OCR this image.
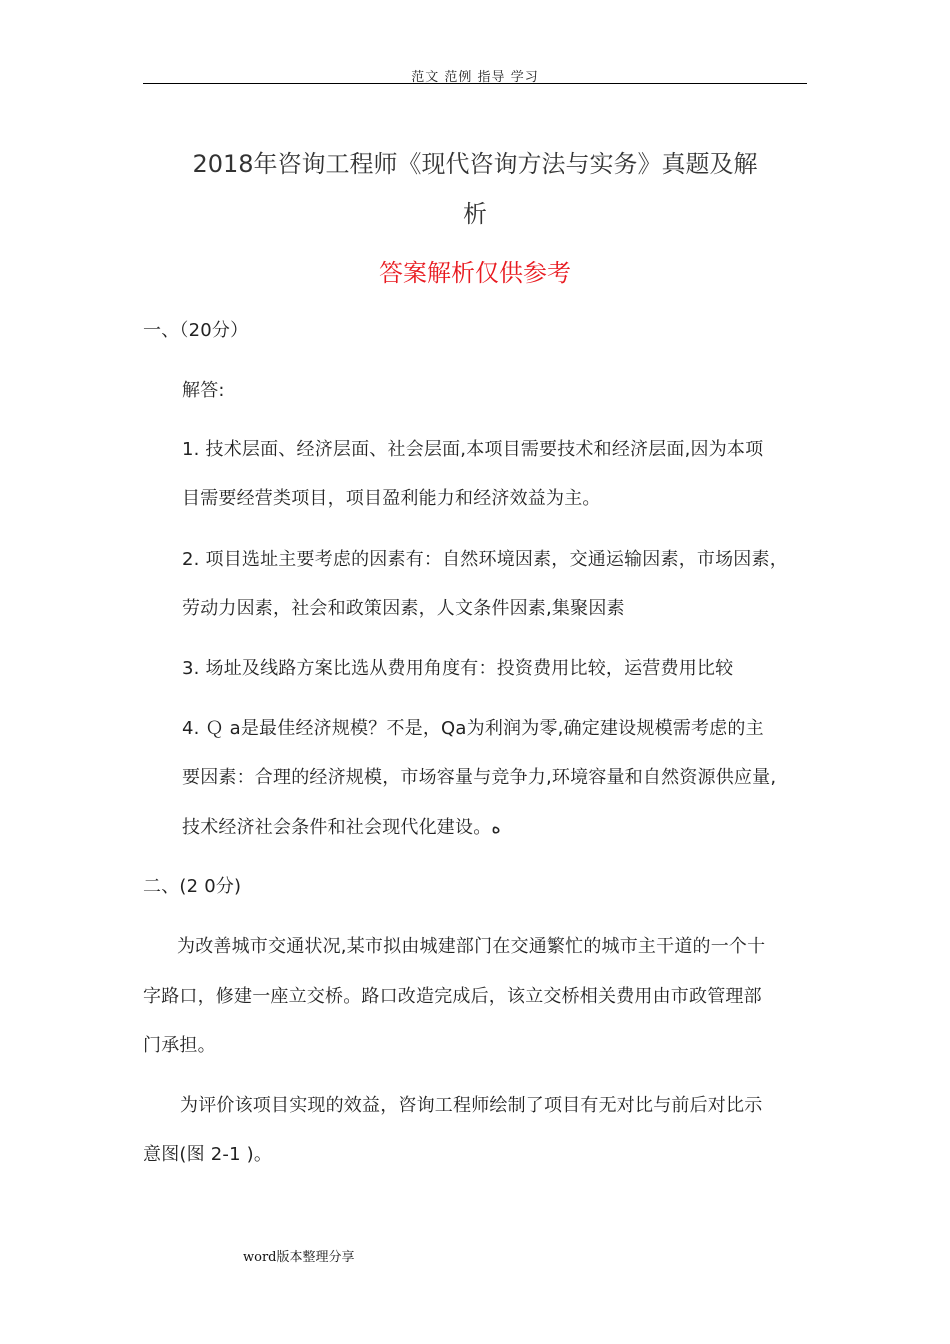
范文 范例 指导 学习
2018年咨询工程师《现代咨询方法与实务》真题及解
析
答案解析仅供参考
一、（20分）
解答:
1. 技术层面、经济层面、社会层面,本项目需要技术和经济层面,因为本项
目需要经营类项目，项目盈利能力和经济效益为主。
2. 项目选址主要考虑的因素有：自然环境因素，交通运输因素，市场因素，
劳动力因素，社会和政策因素，人文条件因素,集聚因素
3. 场址及线路方案比选从费用角度有：投资费用比较，运营费用比较
4. Ｑ a是最佳经济规模？不是，Qa为利润为零,确定建设规模需考虑的主
要因素：合理的经济规模，市场容量与竞争力,环境容量和自然资源供应量,
技术经济社会条件和社会现代化建设。ﻩ
二、(2 0分)
为改善城市交通状况,某市拟由城建部门在交通繁忙的城市主干道的一个十
字路口，修建一座立交桥。路口改造完成后，该立交桥相关费用由市政管理部
门承担。
为评价该项目实现的效益，咨询工程师绘制了项目有无对比与前后对比示
意图(图 2-1 )。
word版本整理分享
